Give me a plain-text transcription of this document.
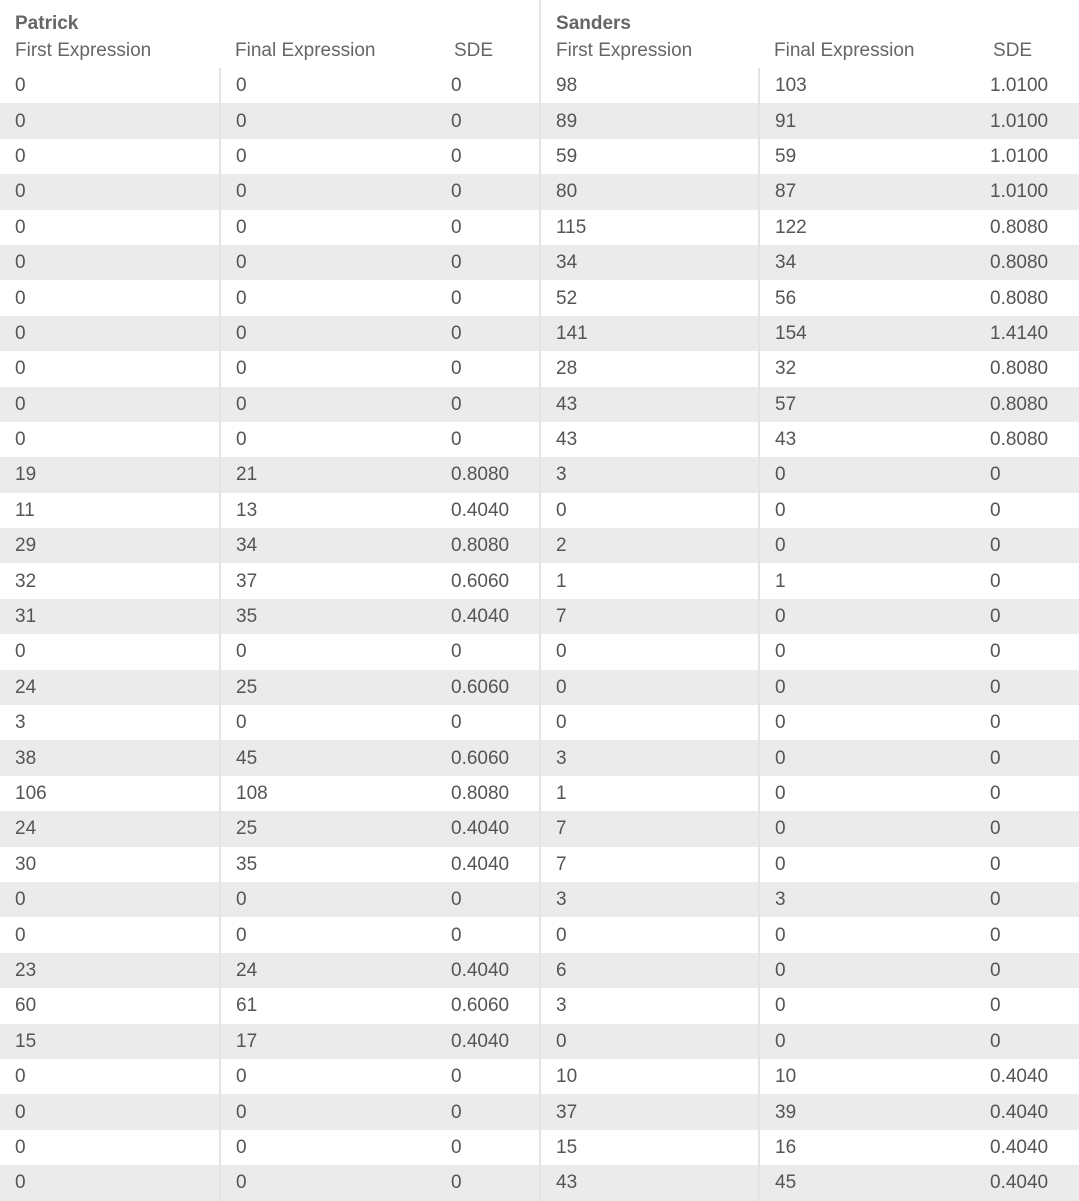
Patrick			Sanders		
First Expression	Final Expression	SDE	First Expression	Final Expression	SDE
0	0	0	98	103	1.0100
0	0	0	89	91	1.0100
0	0	0	59	59	1.0100
0	0	0	80	87	1.0100
0	0	0	115	122	0.8080
0	0	0	34	34	0.8080
0	0	0	52	56	0.8080
0	0	0	141	154	1.4140
0	0	0	28	32	0.8080
0	0	0	43	57	0.8080
0	0	0	43	43	0.8080
19	21	0.8080	3	0	0
11	13	0.4040	0	0	0
29	34	0.8080	2	0	0
32	37	0.6060	1	1	0
31	35	0.4040	7	0	0
0	0	0	0	0	0
24	25	0.6060	0	0	0
3	0	0	0	0	0
38	45	0.6060	3	0	0
106	108	0.8080	1	0	0
24	25	0.4040	7	0	0
30	35	0.4040	7	0	0
0	0	0	3	3	0
0	0	0	0	0	0
23	24	0.4040	6	0	0
60	61	0.6060	3	0	0
15	17	0.4040	0	0	0
0	0	0	10	10	0.4040
0	0	0	37	39	0.4040
0	0	0	15	16	0.4040
0	0	0	43	45	0.4040
